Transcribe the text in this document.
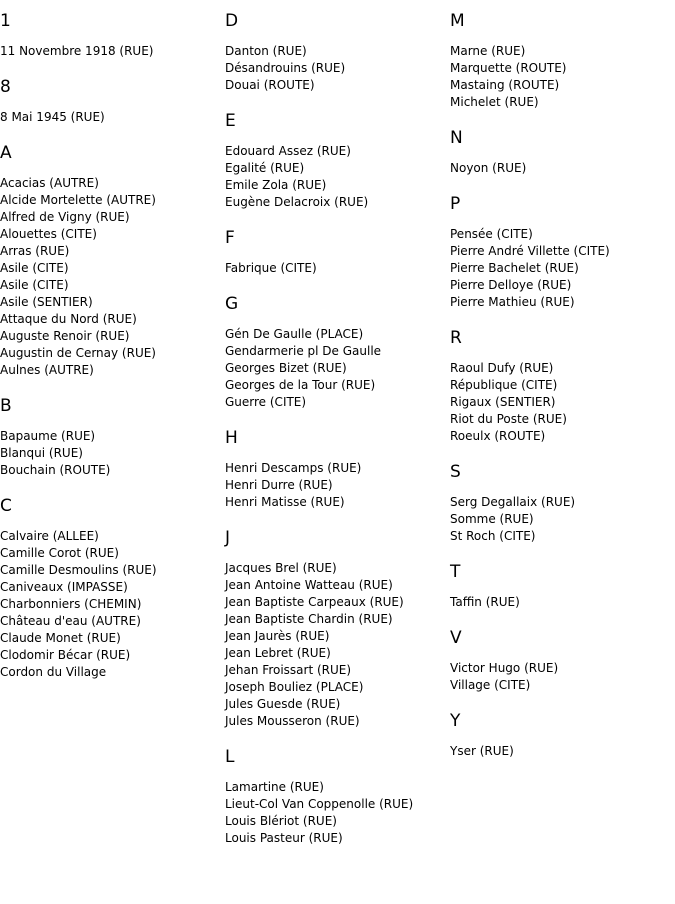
1
11 Novembre 1918 (RUE)
8
8 Mai 1945 (RUE)
A
Acacias (AUTRE)
Alcide Mortelette (AUTRE)
Alfred de Vigny (RUE)
Alouettes (CITE)
Arras (RUE)
Asile (CITE)
Asile (CITE)
Asile (SENTIER)
Attaque du Nord (RUE)
Auguste Renoir (RUE)
Augustin de Cernay (RUE)
Aulnes (AUTRE)
B
Bapaume (RUE)
Blanqui (RUE)
Bouchain (ROUTE)
C
Calvaire (ALLEE)
Camille Corot (RUE)
Camille Desmoulins (RUE)
Caniveaux (IMPASSE)
Charbonniers (CHEMIN)
Château d'eau (AUTRE)
Claude Monet (RUE)
Clodomir Bécar (RUE)
Cordon du Village
D
Danton (RUE)
Désandrouins (RUE)
Douai (ROUTE)
E
Edouard Assez (RUE)
Egalité (RUE)
Emile Zola (RUE)
Eugène Delacroix (RUE)
F
Fabrique (CITE)
G
Gén De Gaulle (PLACE)
Gendarmerie pl De Gaulle
Georges Bizet (RUE)
Georges de la Tour (RUE)
Guerre (CITE)
H
Henri Descamps (RUE)
Henri Durre (RUE)
Henri Matisse (RUE)
J
Jacques Brel (RUE)
Jean Antoine Watteau (RUE)
Jean Baptiste Carpeaux (RUE)
Jean Baptiste Chardin (RUE)
Jean Jaurès (RUE)
Jean Lebret (RUE)
Jehan Froissart (RUE)
Joseph Bouliez (PLACE)
Jules Guesde (RUE)
Jules Mousseron (RUE)
L
Lamartine (RUE)
Lieut-Col Van Coppenolle (RUE)
Louis Blériot (RUE)
Louis Pasteur (RUE)
M
Marne (RUE)
Marquette (ROUTE)
Mastaing (ROUTE)
Michelet (RUE)
N
Noyon (RUE)
P
Pensée (CITE)
Pierre André Villette (CITE)
Pierre Bachelet (RUE)
Pierre Delloye (RUE)
Pierre Mathieu (RUE)
R
Raoul Dufy (RUE)
République (CITE)
Rigaux (SENTIER)
Riot du Poste (RUE)
Roeulx (ROUTE)
S
Serg Degallaix (RUE)
Somme (RUE)
St Roch (CITE)
T
Taffin (RUE)
V
Victor Hugo (RUE)
Village (CITE)
Y
Yser (RUE)
